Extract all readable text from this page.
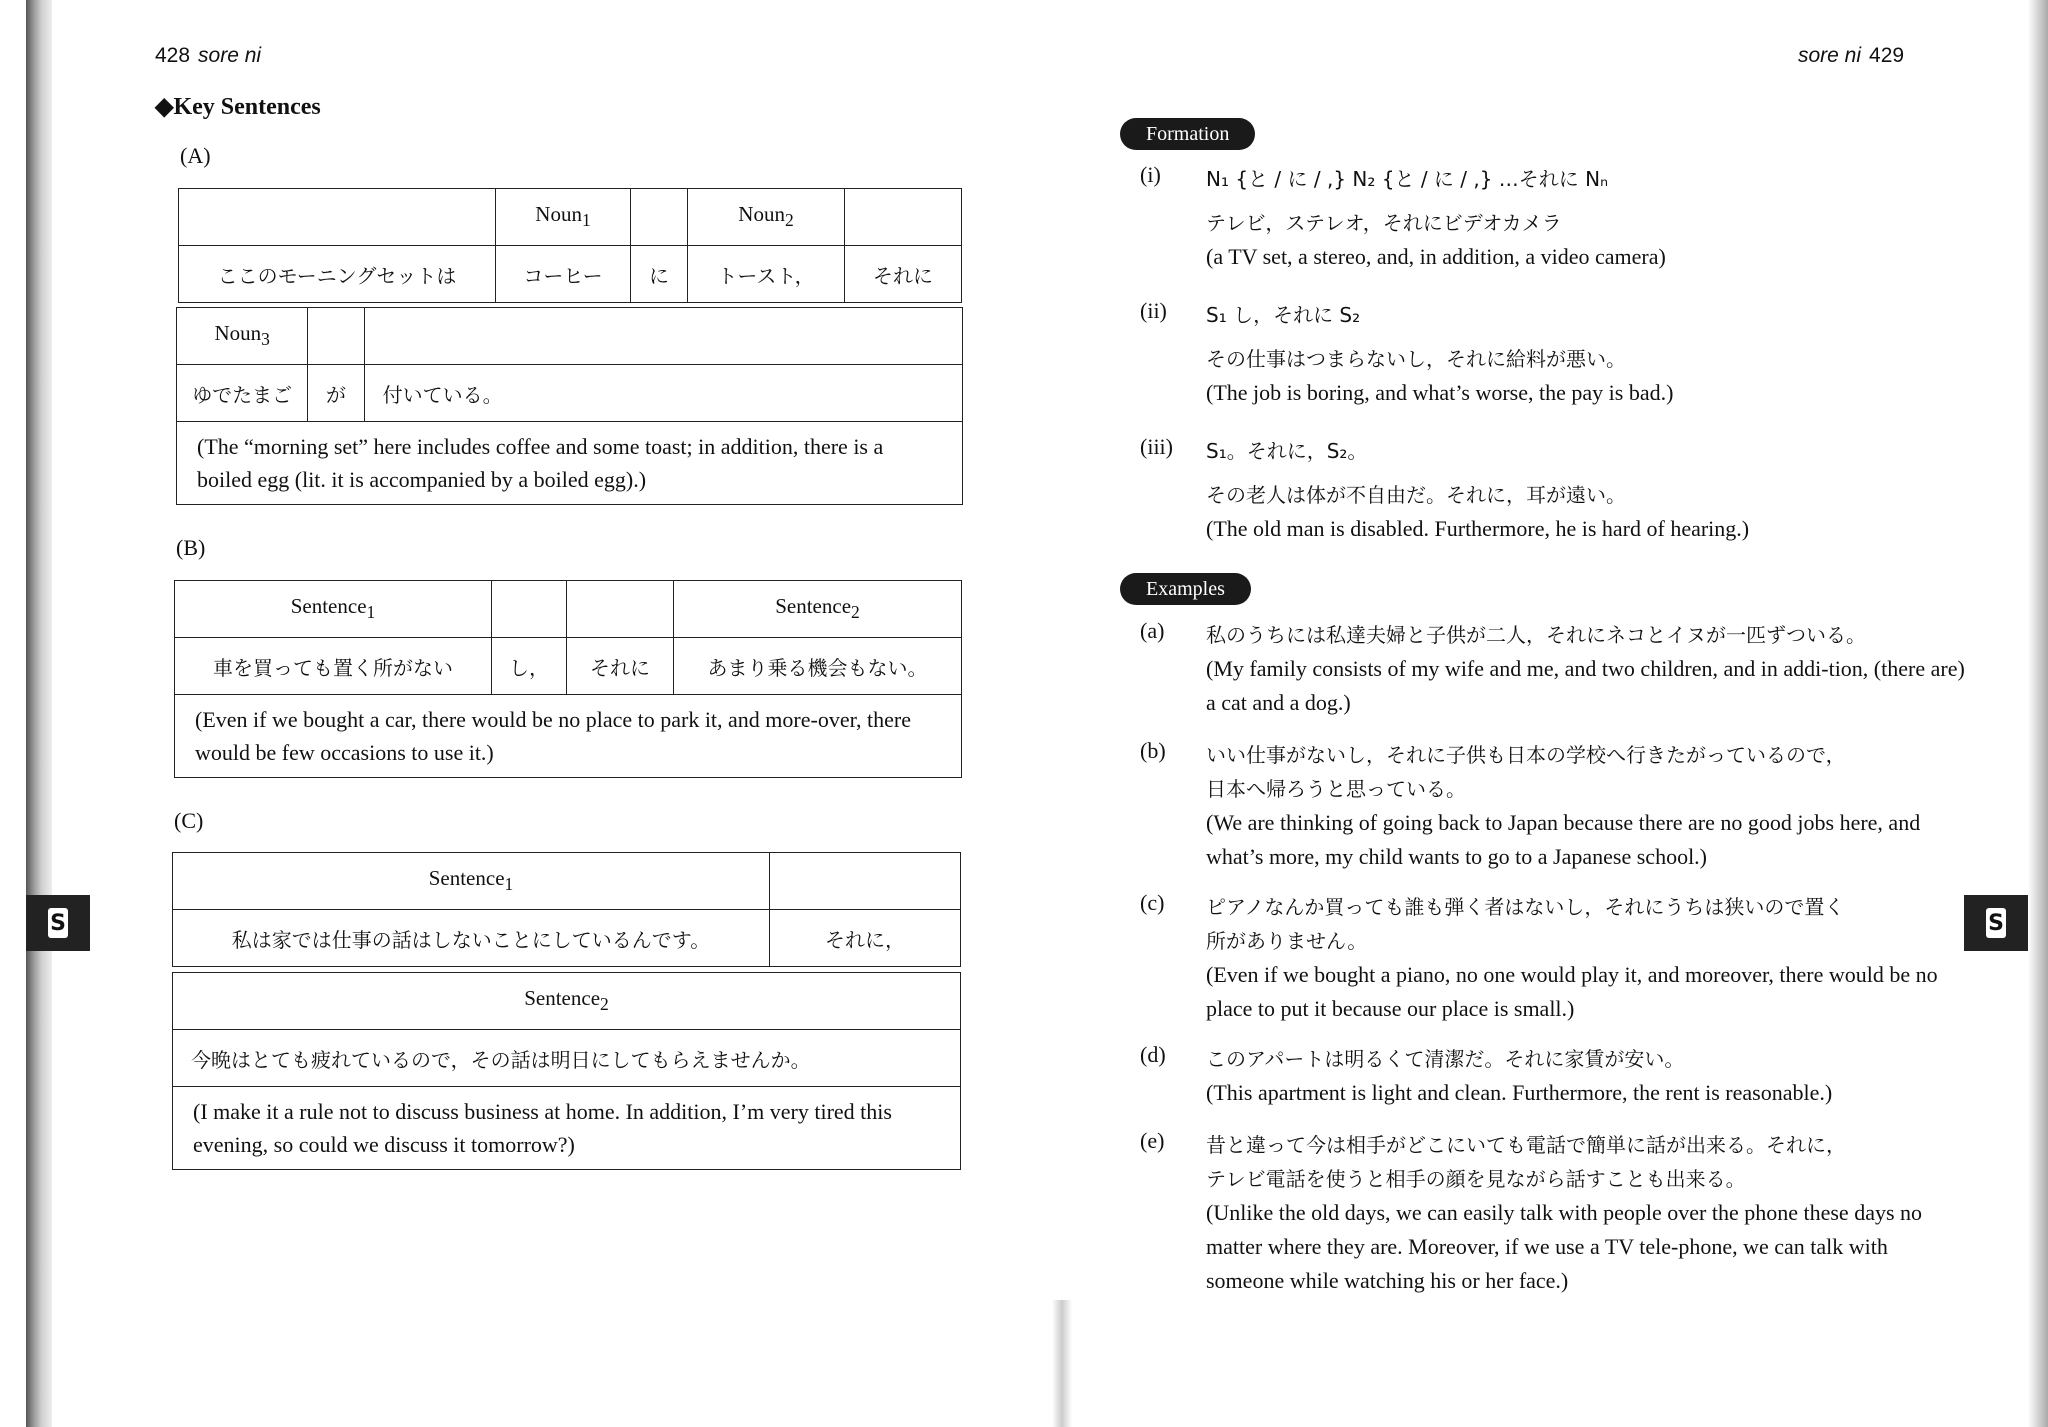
S
428 sore ni
◆Key Sentences
(A)
	Noun$_1$		Noun$_2$	
ここのモーニングセットは	コーヒー	に	トースト，	それに
Noun$_3$		
ゆでたまご	が	付いている。
(The “morning set” here includes coffee and some toast; in addition, there is a boiled egg (lit. it is accompanied by a boiled egg).)		
(B)
Sentence$_1$			Sentence$_2$
車を買っても置く所がない	し，	それに	あまり乗る機会もない。
(Even if we bought a car, there would be no place to park it, and more-over, there would be few occasions to use it.)			
(C)
Sentence$_1$	
私は家では仕事の話はしないことにしているんです。	それに，
Sentence$_2$
今晩はとても疲れているので，その話は明日にしてもらえませんか。
(I make it a rule not to discuss business at home. In addition, I’m very tired this evening, so could we discuss it tomorrow?)
S
sore ni 429
Formation
(i) N₁ {と / に / ,} N₂ {と / に / ,} …それに Nₙ
テレビ，ステレオ，それにビデオカメラ
(a TV set, a stereo, and, in addition, a video camera)
(ii) S₁ し，それに S₂
その仕事はつまらないし，それに給料が悪い。
(The job is boring, and what’s worse, the pay is bad.)
(iii) S₁。それに，S₂。
その老人は体が不自由だ。それに，耳が遠い。
(The old man is disabled. Furthermore, he is hard of hearing.)
Examples
(a) 私のうちには私達夫婦と子供が二人，それにネコとイヌが一匹ずついる。
(My family consists of my wife and me, and two children, and in addi-tion, (there are) a cat and a dog.)
(b) いい仕事がないし，それに子供も日本の学校へ行きたがっているので，
日本へ帰ろうと思っている。
(We are thinking of going back to Japan because there are no good jobs here, and what’s more, my child wants to go to a Japanese school.)
(c) ピアノなんか買っても誰も弾く者はないし，それにうちは狭いので置く
所がありません。
(Even if we bought a piano, no one would play it, and moreover, there would be no place to put it because our place is small.)
(d) このアパートは明るくて清潔だ。それに家賃が安い。
(This apartment is light and clean. Furthermore, the rent is reasonable.)
(e) 昔と違って今は相手がどこにいても電話で簡単に話が出来る。それに，
テレビ電話を使うと相手の顔を見ながら話すことも出来る。
(Unlike the old days, we can easily talk with people over the phone these days no matter where they are. Moreover, if we use a TV tele-phone, we can talk with someone while watching his or her face.)
